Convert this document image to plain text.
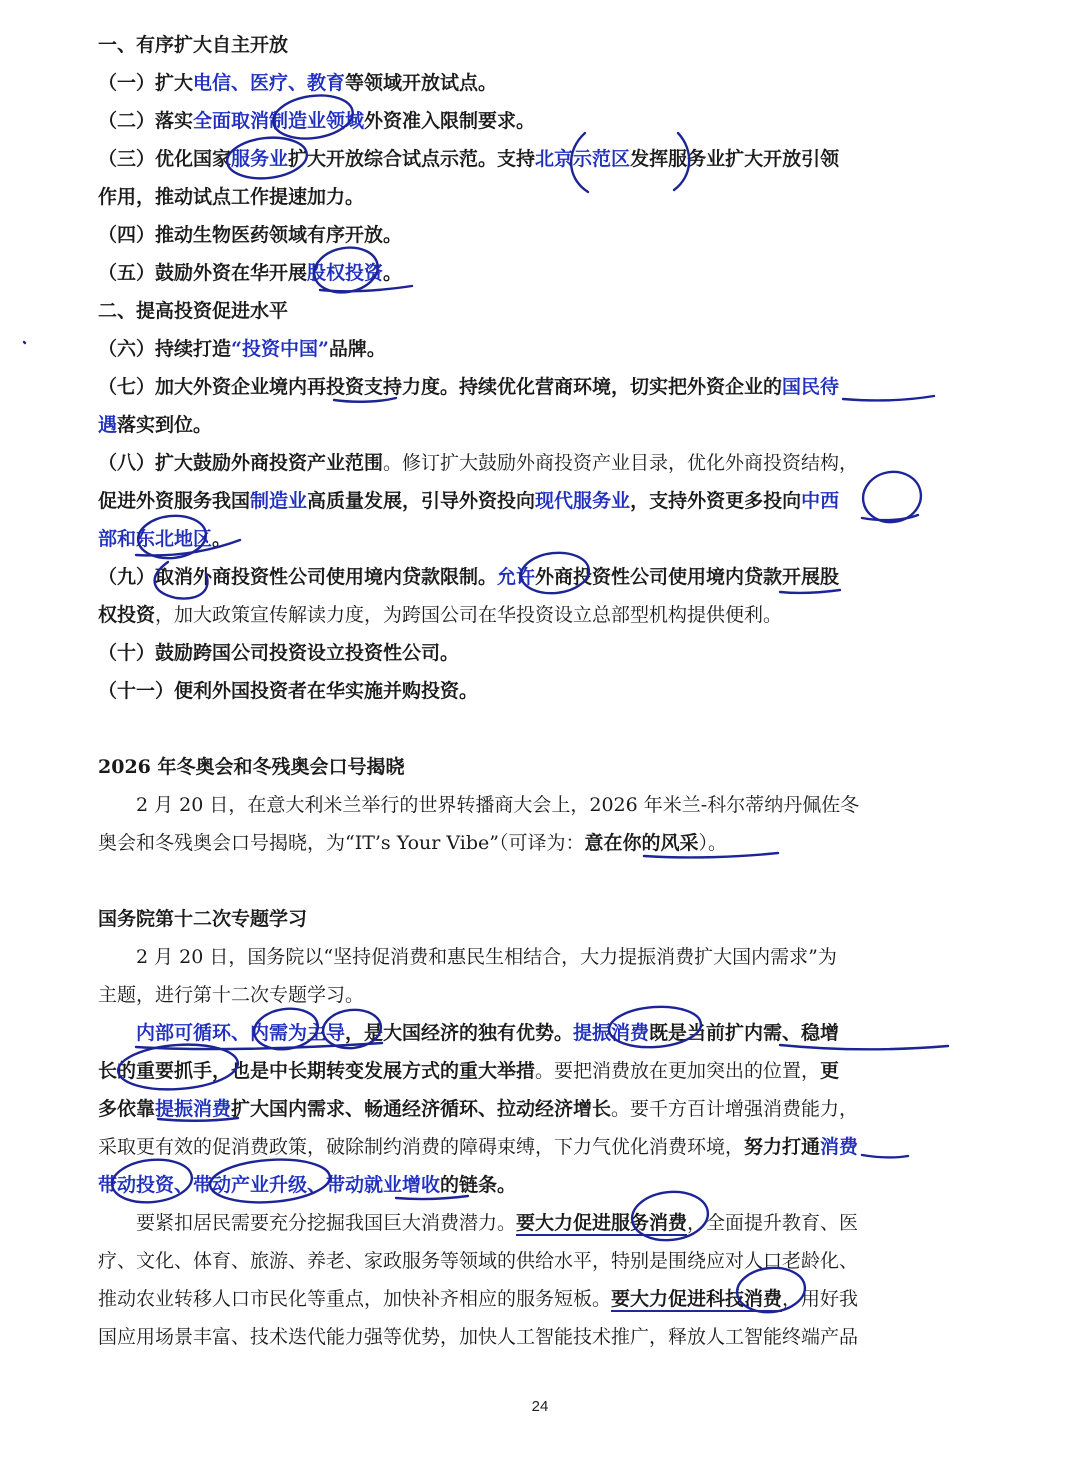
一、有序扩大自主开放
（一）扩大电信、医疗、教育等领域开放试点。
（二）落实全面取消制造业领域外资准入限制要求。
（三）优化国家服务业扩大开放综合试点示范。支持北京示范区发挥服务业扩大开放引领
作用，推动试点工作提速加力。
（四）推动生物医药领域有序开放。
（五）鼓励外资在华开展股权投资。
二、提高投资促进水平
（六）持续打造“投资中国”品牌。
（七）加大外资企业境内再投资支持力度。持续优化营商环境，切实把外资企业的国民待
遇落实到位。
（八）扩大鼓励外商投资产业范围。修订扩大鼓励外商投资产业目录，优化外商投资结构，
促进外资服务我国制造业高质量发展，引导外资投向现代服务业，支持外资更多投向中西
部和东北地区。
（九）取消外商投资性公司使用境内贷款限制。允许外商投资性公司使用境内贷款开展股
权投资，加大政策宣传解读力度，为跨国公司在华投资设立总部型机构提供便利。
（十）鼓励跨国公司投资设立投资性公司。
（十一）便利外国投资者在华实施并购投资。
2026 年冬奥会和冬残奥会口号揭晓
2 月 20 日，在意大利米兰举行的世界转播商大会上，2026 年米兰-科尔蒂纳丹佩佐冬
奥会和冬残奥会口号揭晓，为“IT’s Your Vibe”（可译为：意在你的风采）。
国务院第十二次专题学习
2 月 20 日，国务院以“坚持促消费和惠民生相结合，大力提振消费扩大国内需求”为
主题，进行第十二次专题学习。
内部可循环、内需为主导，是大国经济的独有优势。提振消费既是当前扩内需、稳增
长的重要抓手，也是中长期转变发展方式的重大举措。要把消费放在更加突出的位置，更
多依靠提振消费扩大国内需求、畅通经济循环、拉动经济增长。要千方百计增强消费能力，
采取更有效的促消费政策，破除制约消费的障碍束缚，下力气优化消费环境，努力打通消费
带动投资、带动产业升级、带动就业增收的链条。
要紧扣居民需要充分挖掘我国巨大消费潜力。要大力促进服务消费，全面提升教育、医
疗、文化、体育、旅游、养老、家政服务等领域的供给水平，特别是围绕应对人口老龄化、
推动农业转移人口市民化等重点，加快补齐相应的服务短板。要大力促进科技消费，用好我
国应用场景丰富、技术迭代能力强等优势，加快人工智能技术推广，释放人工智能终端产品
24
